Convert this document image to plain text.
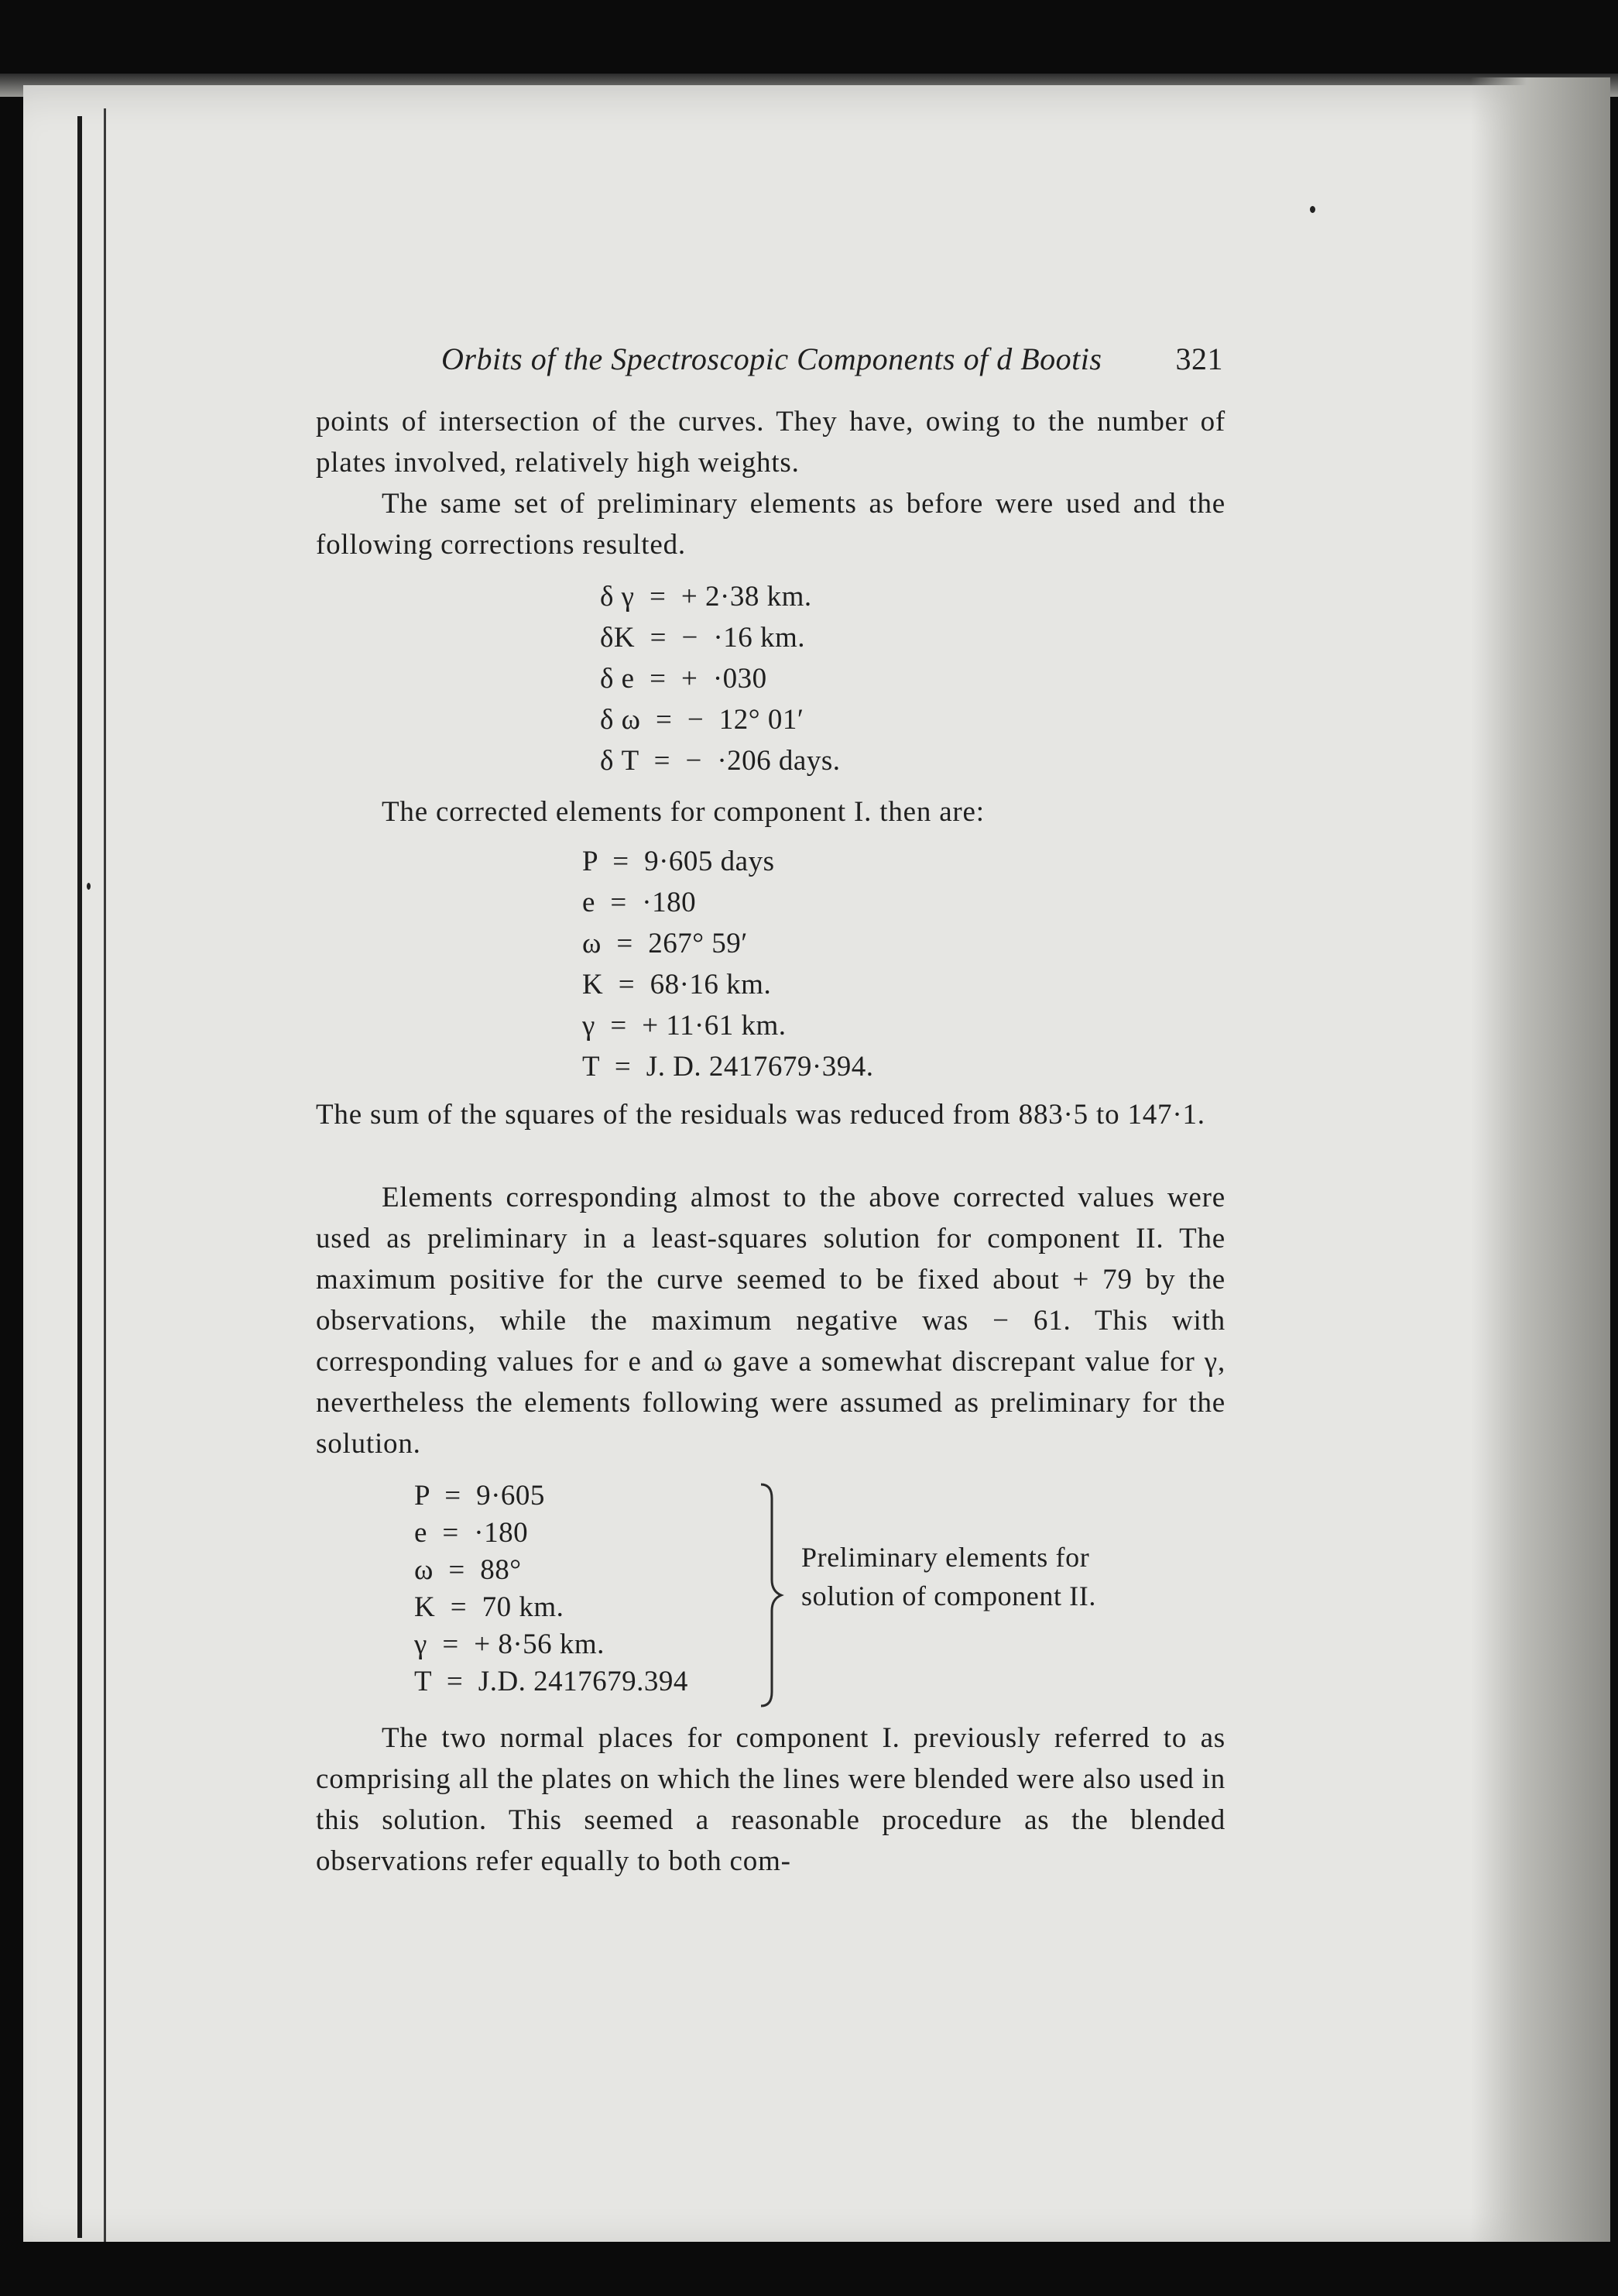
Orbits of the Spectroscopic Components of d Bootis 321
points of intersection of the curves. They have, owing to the number of plates involved, relatively high weights.
The same set of preliminary elements as before were used and the following corrections resulted.
δ γ  =  + 2·38 km.
δK  =  −  ·16 km.
δ e  =  +  ·030
δ ω  =  −  12° 01′
δ T  =  −  ·206 days.
The corrected elements for component I. then are:
P  =  9·605 days
e  =  ·180
ω  =  267° 59′
K  =  68·16 km.
γ  =  + 11·61 km.
T  =  J. D. 2417679·394.
The sum of the squares of the residuals was reduced from 883·5 to 147·1.
Elements corresponding almost to the above corrected values were used as preliminary in a least-squares solution for component II. The maximum positive for the curve seemed to be fixed about + 79 by the observations, while the maximum negative was − 61. This with corresponding values for e and ω gave a somewhat discrepant value for γ, nevertheless the elements following were assumed as preliminary for the solution.
P  =  9·605
e  =  ·180
ω  =  88°
K  =  70 km.
γ  =  + 8·56 km.
T  =  J.D. 2417679.394
Preliminary elements for solution of component II.
The two normal places for component I. previously referred to as comprising all the plates on which the lines were blended were also used in this solution. This seemed a reasonable procedure as the blended observations refer equally to both com-
